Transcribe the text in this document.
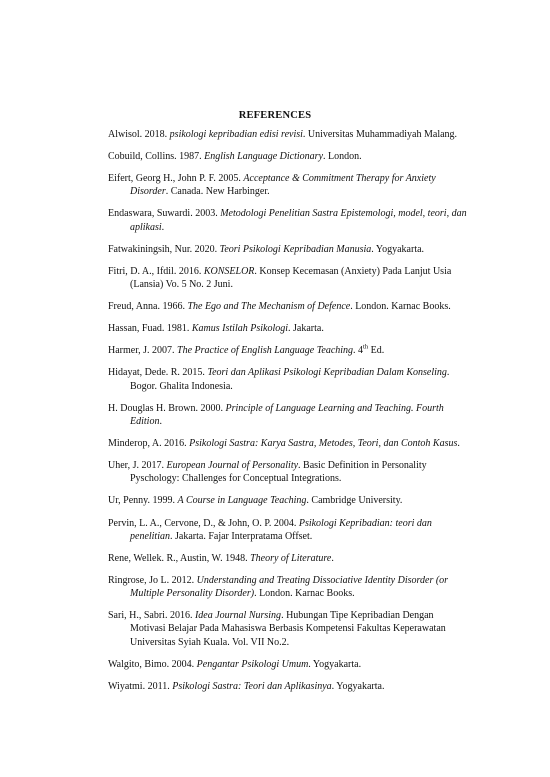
REFERENCES
Alwisol. 2018. psikologi kepribadian edisi revisi. Universitas Muhammadiyah Malang.
Cobuild, Collins. 1987. English Language Dictionary. London.
Eifert, Georg H., John P. F. 2005. Acceptance & Commitment Therapy for Anxiety Disorder. Canada. New Harbinger.
Endaswara, Suwardi. 2003. Metodologi Penelitian Sastra Epistemologi, model, teori, dan aplikasi.
Fatwakiningsih, Nur. 2020. Teori Psikologi Kepribadian Manusia. Yogyakarta.
Fitri, D. A., Ifdil. 2016. KONSELOR. Konsep Kecemasan (Anxiety) Pada Lanjut Usia (Lansia) Vo. 5 No. 2 Juni.
Freud, Anna. 1966. The Ego and The Mechanism of Defence. London. Karnac Books.
Hassan, Fuad. 1981. Kamus Istilah Psikologi. Jakarta.
Harmer, J. 2007. The Practice of English Language Teaching. 4th Ed.
Hidayat, Dede. R. 2015. Teori dan Aplikasi Psikologi Kepribadian Dalam Konseling. Bogor. Ghalita Indonesia.
H. Douglas H. Brown. 2000. Principle of Language Learning and Teaching. Fourth Edition.
Minderop, A. 2016. Psikologi Sastra: Karya Sastra, Metodes, Teori, dan Contoh Kasus.
Uher, J. 2017. European Journal of Personality. Basic Definition in Personality Pyschology: Challenges for Conceptual Integrations.
Ur, Penny. 1999. A Course in Language Teaching. Cambridge University.
Pervin, L. A., Cervone, D., & John, O. P. 2004. Psikologi Kepribadian: teori dan penelitian. Jakarta. Fajar Interpratama Offset.
Rene, Wellek. R., Austin, W. 1948. Theory of Literature.
Ringrose, Jo L. 2012. Understanding and Treating Dissociative Identity Disorder (or Multiple Personality Disorder). London. Karnac Books.
Sari, H., Sabri. 2016. Idea Journal Nursing. Hubungan Tipe Kepribadian Dengan Motivasi Belajar Pada Mahasiswa Berbasis Kompetensi Fakultas Keperawatan Universitas Syiah Kuala. Vol. VII No.2.
Walgito, Bimo. 2004. Pengantar Psikologi Umum. Yogyakarta.
Wiyatmi. 2011. Psikologi Sastra: Teori dan Aplikasinya. Yogyakarta.
